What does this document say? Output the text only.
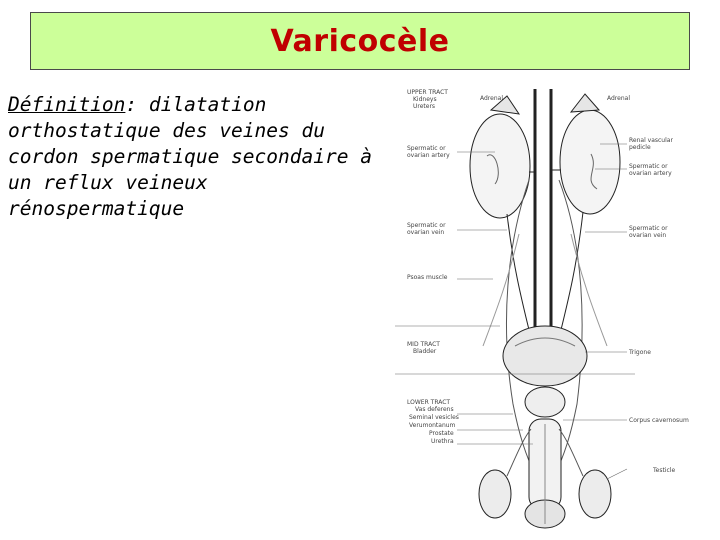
Varicocèle

Définition: dilatation orthostatique des veines du cordon spermatique secondaire à un reflux veineux rénospermatique

UPPER TRACT
Kidneys
Ureters
Spermatic or
ovarian artery
Spermatic or
ovarian vein
Psoas muscle
MID TRACT
Bladder
LOWER TRACT
Vas deferens
Seminal vesicles
Verumontanum
Prostate
Urethra
Adrenal	Adrenal
Renal vascular
pedicle
Spermatic or
ovarian artery
Spermatic or
ovarian vein
Trigone
Corpus cavernosum
Testicle
